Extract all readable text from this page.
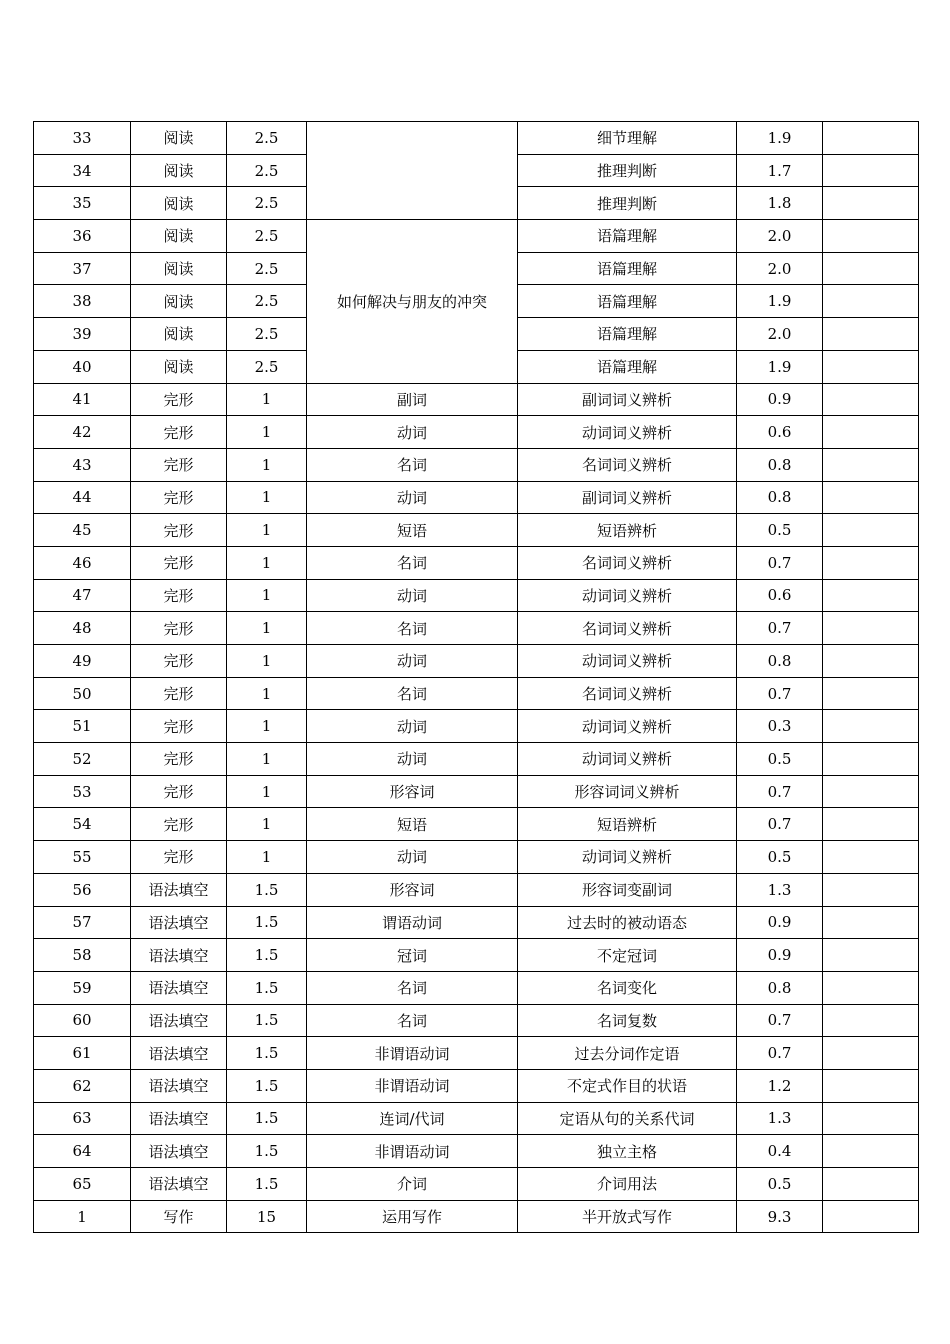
33	阅读	2.5		细节理解	1.9	
34	阅读	2.5		推理判断	1.7	
35	阅读	2.5		推理判断	1.8	
36	阅读	2.5	如何解决与朋友的冲突	语篇理解	2.0	
37	阅读	2.5		语篇理解	2.0	
38	阅读	2.5		语篇理解	1.9	
39	阅读	2.5		语篇理解	2.0	
40	阅读	2.5		语篇理解	1.9	
41	完形	1	副词	副词词义辨析	0.9	
42	完形	1	动词	动词词义辨析	0.6	
43	完形	1	名词	名词词义辨析	0.8	
44	完形	1	动词	副词词义辨析	0.8	
45	完形	1	短语	短语辨析	0.5	
46	完形	1	名词	名词词义辨析	0.7	
47	完形	1	动词	动词词义辨析	0.6	
48	完形	1	名词	名词词义辨析	0.7	
49	完形	1	动词	动词词义辨析	0.8	
50	完形	1	名词	名词词义辨析	0.7	
51	完形	1	动词	动词词义辨析	0.3	
52	完形	1	动词	动词词义辨析	0.5	
53	完形	1	形容词	形容词词义辨析	0.7	
54	完形	1	短语	短语辨析	0.7	
55	完形	1	动词	动词词义辨析	0.5	
56	语法填空	1.5	形容词	形容词变副词	1.3	
57	语法填空	1.5	谓语动词	过去时的被动语态	0.9	
58	语法填空	1.5	冠词	不定冠词	0.9	
59	语法填空	1.5	名词	名词变化	0.8	
60	语法填空	1.5	名词	名词复数	0.7	
61	语法填空	1.5	非谓语动词	过去分词作定语	0.7	
62	语法填空	1.5	非谓语动词	不定式作目的状语	1.2	
63	语法填空	1.5	连词/代词	定语从句的关系代词	1.3	
64	语法填空	1.5	非谓语动词	独立主格	0.4	
65	语法填空	1.5	介词	介词用法	0.5	
1	写作	15	运用写作	半开放式写作	9.3	
